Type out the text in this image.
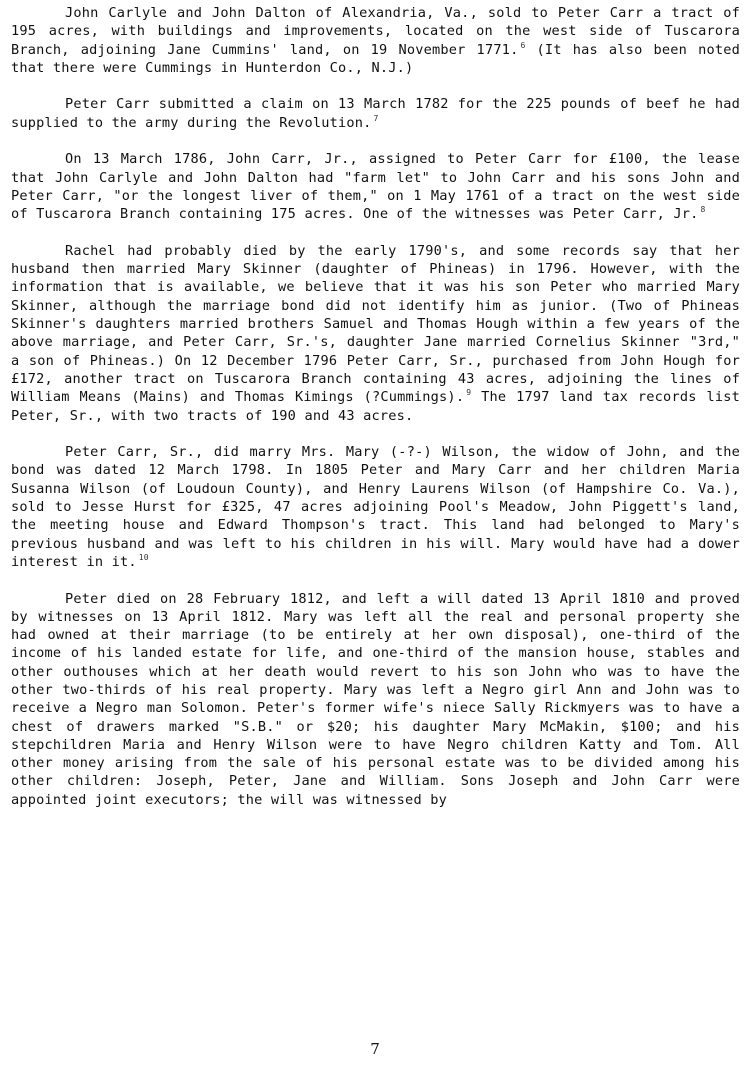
John Carlyle and John Dalton of Alexandria, Va., sold to Peter Carr a tract of 195 acres, with buildings and improvements, located on the west side of Tuscarora Branch, adjoining Jane Cummins' land, on 19 November 1771. $^6$ (It has also been noted that there were Cummings in Hunterdon Co., N.J.)

Peter Carr submitted a claim on 13 March 1782 for the 225 pounds of beef he had supplied to the army during the Revolution. $^7$

On 13 March 1786, John Carr, Jr., assigned to Peter Carr for £100, the lease that John Carlyle and John Dalton had "farm let" to John Carr and his sons John and Peter Carr, "or the longest liver of them," on 1 May 1761 of a tract on the west side of Tuscarora Branch containing 175 acres. One of the witnesses was Peter Carr, Jr. $^8$

Rachel had probably died by the early 1790's, and some records say that her husband then married Mary Skinner (daughter of Phineas) in 1796. However, with the information that is available, we believe that it was his son Peter who married Mary Skinner, although the marriage bond did not identify him as junior. (Two of Phineas Skinner's daughters married brothers Samuel and Thomas Hough within a few years of the above marriage, and Peter Carr, Sr.'s, daughter Jane married Cornelius Skinner "3rd," a son of Phineas.) On 12 December 1796 Peter Carr, Sr., purchased from John Hough for £172, another tract on Tuscarora Branch containing 43 acres, adjoining the lines of William Means (Mains) and Thomas Kimings (?Cummings). $^9$ The 1797 land tax records list Peter, Sr., with two tracts of 190 and 43 acres.

Peter Carr, Sr., did marry Mrs. Mary (-?-) Wilson, the widow of John, and the bond was dated 12 March 1798. In 1805 Peter and Mary Carr and her children Maria Susanna Wilson (of Loudoun County), and Henry Laurens Wilson (of Hampshire Co. Va.), sold to Jesse Hurst for £325, 47 acres adjoining Pool's Meadow, John Piggett's land, the meeting house and Edward Thompson's tract. This land had belonged to Mary's previous husband and was left to his children in his will. Mary would have had a dower interest in it. $^{10}$

Peter died on 28 February 1812, and left a will dated 13 April 1810 and proved by witnesses on 13 April 1812. Mary was left all the real and personal property she had owned at their marriage (to be entirely at her own disposal), one-third of the income of his landed estate for life, and one-third of the mansion house, stables and other outhouses which at her death would revert to his son John who was to have the other two-thirds of his real property. Mary was left a Negro girl Ann and John was to receive a Negro man Solomon. Peter's former wife's niece Sally Rickmyers was to have a chest of drawers marked "S.B." or $20; his daughter Mary McMakin, $100; and his stepchildren Maria and Henry Wilson were to have Negro children Katty and Tom. All other money arising from the sale of his personal estate was to be divided among his other children: Joseph, Peter, Jane and William. Sons Joseph and John Carr were appointed joint executors; the will was witnessed by

7
